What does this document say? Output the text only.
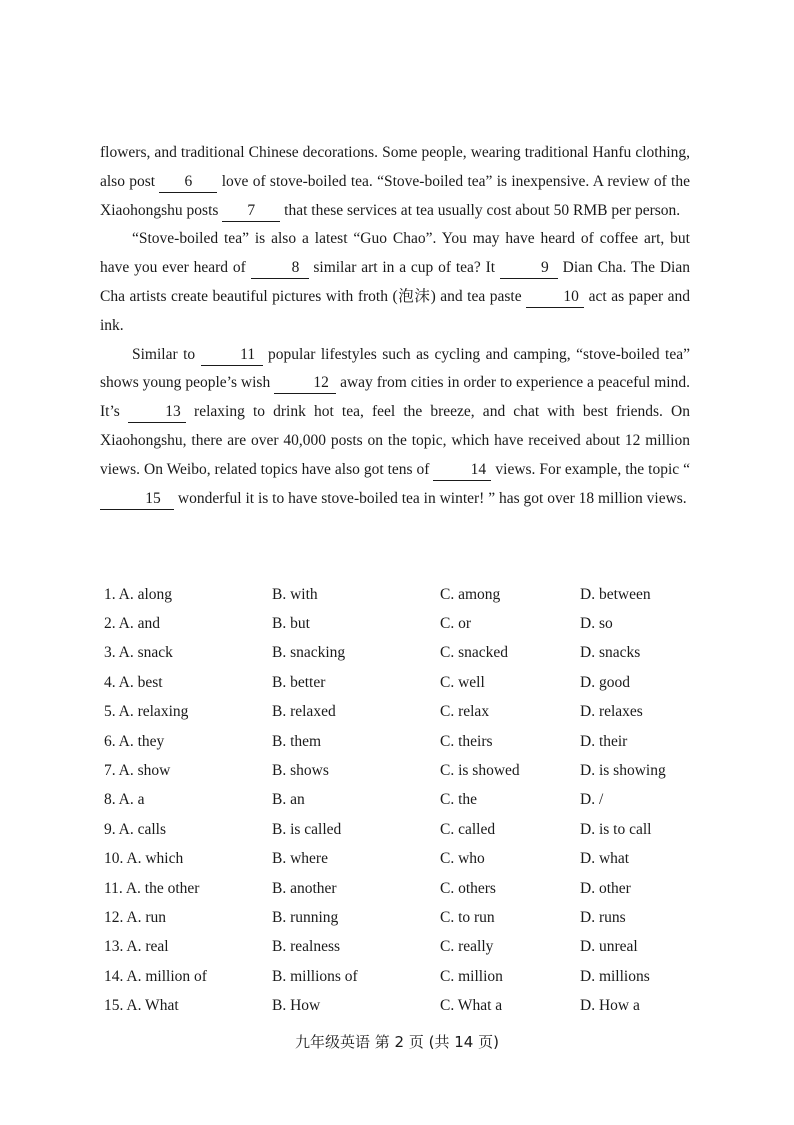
flowers, and traditional Chinese decorations. Some people, wearing traditional Hanfu clothing, also post 6 love of stove-boiled tea. “Stove-boiled tea” is inexpensive. A review of the Xiaohongshu posts 7 that these services at tea usually cost about 50 RMB per person.

“Stove-boiled tea” is also a latest “Guo Chao”. You may have heard of coffee art, but have you ever heard of	8 similar art in a cup of tea? It	9 Dian Cha. The Dian Cha artists create beautiful pictures with froth (泡沫) and tea paste 10 act as paper and ink.

Similar to	11 popular lifestyles such as cycling and camping, “stove-boiled tea” shows young people’s wish	12 away from cities in order to experience a peaceful mind. It’s 13 relaxing to drink hot tea, feel the breeze, and chat with best friends. On Xiaohongshu, there are over 40,000 posts on the topic, which have received about 12 million views. On Weibo, related topics have also got tens of 14 views. For example, the topic “15 wonderful it is to have stove-boiled tea in winter! ” has got over 18 million views.

1. A. along	B. with	C. among	D. between
2. A. and	B. but	C. or	D. so
3. A. snack	B. snacking	C. snacked	D. snacks
4. A. best	B. better	C. well	D. good
5. A. relaxing	B. relaxed	C. relax	D. relaxes
6. A. they	B. them	C. theirs	D. their
7. A. show	B. shows	C. is showed	D. is showing
8. A. a	B. an	C. the	D. /
9. A. calls	B. is called	C. called	D. is to call
10. A. which	B. where	C. who	D. what
11. A. the other	B. another	C. others	D. other
12. A. run	B. running	C. to run	D. runs
13. A. real	B. realness	C. really	D. unreal
14. A. million of	B. millions of	C. million	D. millions
15. A. What	B. How	C. What a	D. How a
九年级英语 第 2 页 (共 14 页)
